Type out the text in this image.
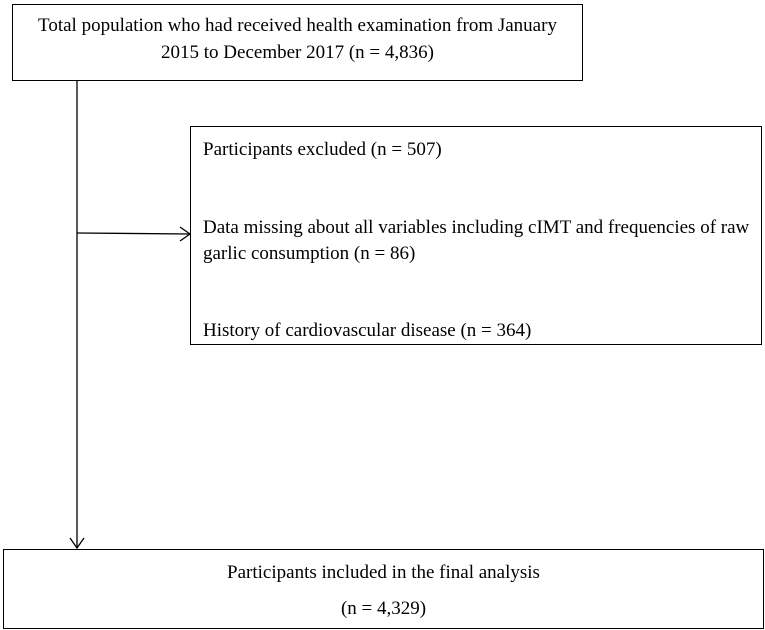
Total population who had received health examination from January
2015 to December 2017 (n = 4,836)
Participants excluded (n = 507)
Data missing about all variables including cIMT and frequencies of raw
garlic consumption (n = 86)
History of cardiovascular disease (n = 364)
Participants included in the final analysis
(n = 4,329)
